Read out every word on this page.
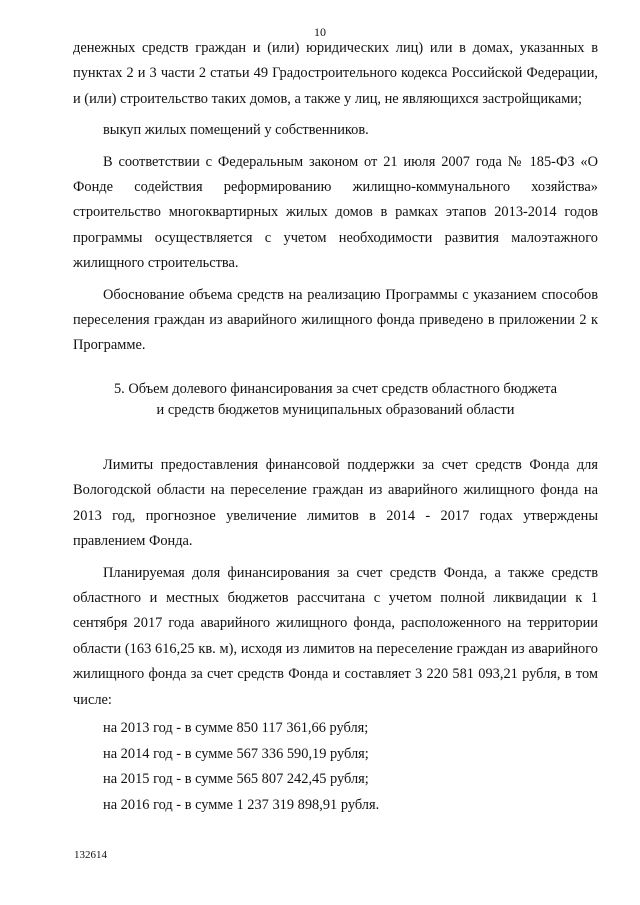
10

денежных средств граждан и (или) юридических лиц) или в домах, указанных в пунктах 2 и 3 части 2 статьи 49 Градостроительного кодекса Российской Федерации, и (или) строительство таких домов, а также у лиц, не являющихся застройщиками;

выкуп жилых помещений у собственников.

В соответствии с Федеральным законом от 21 июля 2007 года № 185-ФЗ «О Фонде содействия реформированию жилищно-коммунального хозяйства» строительство многоквартирных жилых домов в рамках этапов 2013-2014 годов программы осуществляется с учетом необходимости развития малоэтажного жилищного строительства.

Обоснование объема средств на реализацию Программы с указанием способов переселения граждан из аварийного жилищного фонда приведено в приложении 2 к Программе.

5. Объем долевого финансирования за счет средств областного бюджета
и средств бюджетов муниципальных образований области

Лимиты предоставления финансовой поддержки за счет средств Фонда для Вологодской области на переселение граждан из аварийного жилищного фонда на 2013 год, прогнозное увеличение лимитов в 2014 - 2017 годах утверждены правлением Фонда.

Планируемая доля финансирования за счет средств Фонда, а также средств областного и местных бюджетов рассчитана с учетом полной ликвидации к 1 сентября 2017 года аварийного жилищного фонда, расположенного на территории области (163 616,25 кв. м), исходя из лимитов на переселение граждан из аварийного жилищного фонда за счет средств Фонда и составляет 3 220 581 093,21 рубля, в том числе:

на 2013 год - в сумме 850 117 361,66 рубля;

на 2014 год - в сумме 567 336 590,19 рубля;

на 2015 год - в сумме 565 807 242,45 рубля;

на 2016 год - в сумме 1 237 319 898,91 рубля.

132614
